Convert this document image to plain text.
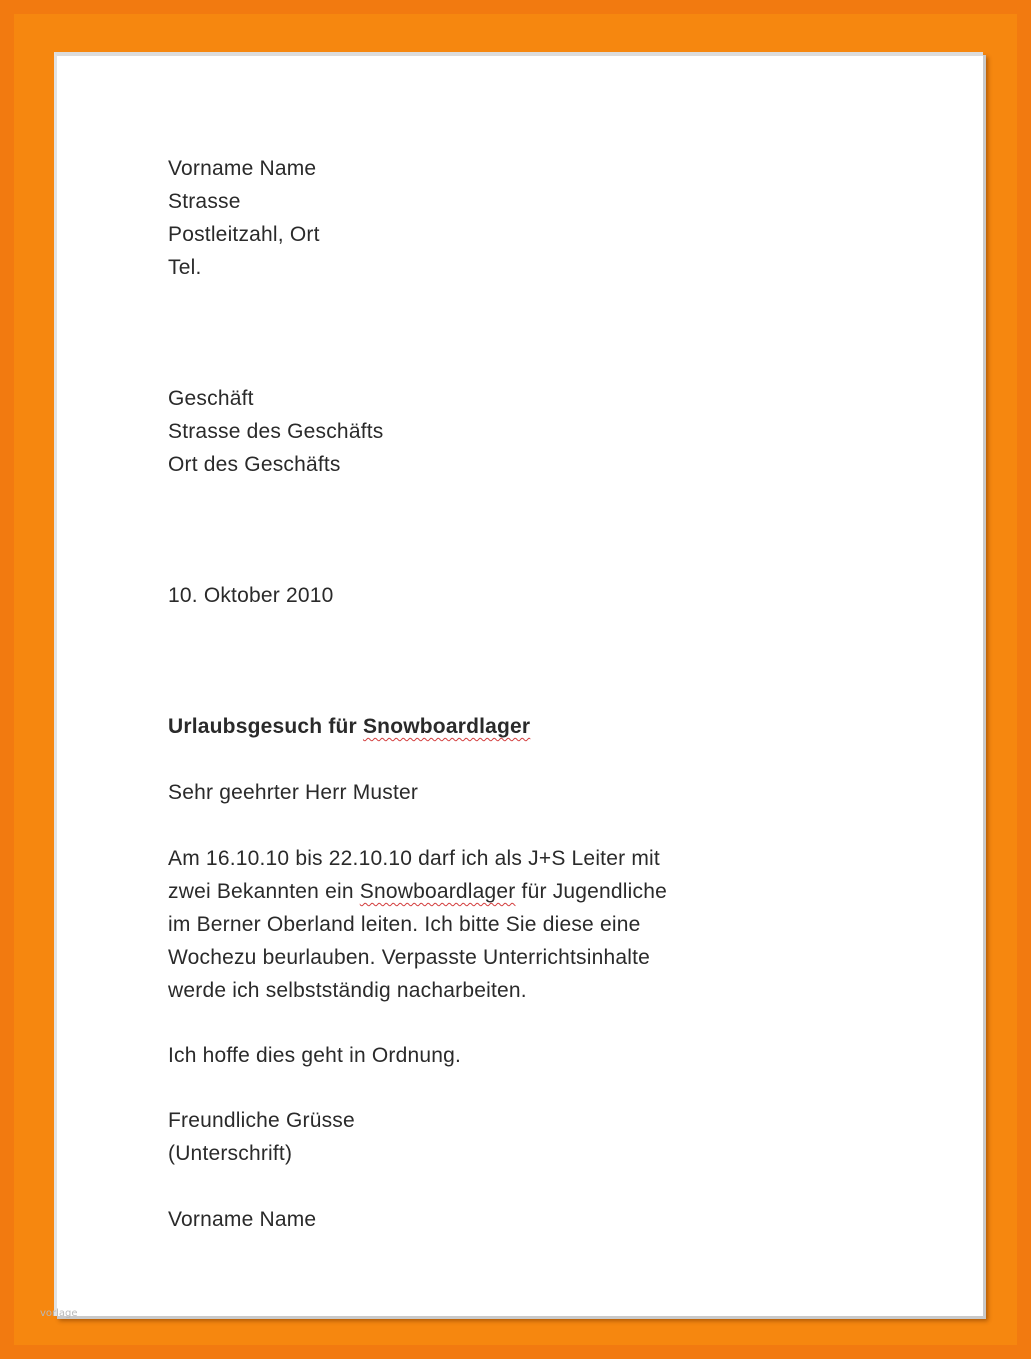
Vorname Name

Strasse

Postleitzahl, Ort

Tel.

Geschäft

Strasse des Geschäfts

Ort des Geschäfts

10. Oktober 2010
Urlaubsgesuch für Snowboardlager
Sehr geehrter Herr Muster

Am 16.10.10 bis 22.10.10 darf ich als J+S Leiter mit

zwei Bekannten ein Snowboardlager für Jugendliche

im Berner Oberland leiten. Ich bitte Sie diese eine

Wochezu beurlauben. Verpasste Unterrichtsinhalte

werde ich selbstständig nacharbeiten.

Ich hoffe dies geht in Ordnung.

Freundliche Grüsse

(Unterschrift)

Vorname Name
vorlage
